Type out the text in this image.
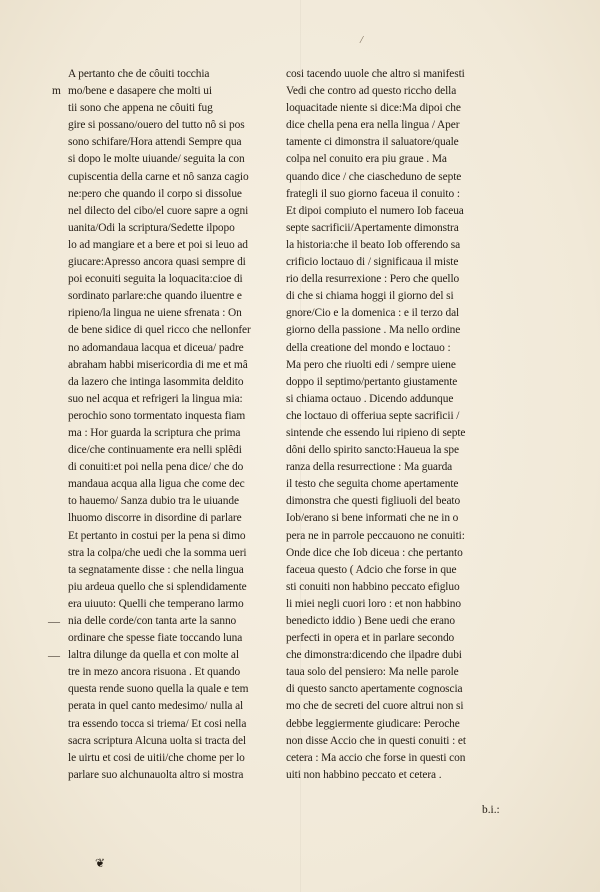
/
m
—
—
A pertanto che de côuiti tocchia
mo/bene e dasapere che molti ui
tii sono che appena ne côuiti fug
gire si possano/ouero del tutto nô si pos
sono schifare/Hora attendi Sempre qua
si dopo le molte uiuande/ seguita la con
cupiscentia della carne et nô sanza cagio
ne:pero che quando il corpo si dissolue
nel dilecto del cibo/el cuore sapre a ogni
uanita/Odi la scriptura/Sedette ilpopo
lo ad mangiare et a bere et poi si leuo ad
giucare:Apresso ancora quasi sempre di
poi econuiti seguita la loquacita:cioe di
sordinato parlare:che quando iluentre e
ripieno/la lingua ne uiene sfrenata : On
de bene sidice di quel ricco che nellonfer
no adomandaua lacqua et diceua/ padre
abraham habbi misericordia di me et mâ
da lazero che intinga lasommita deldito
suo nel acqua et refrigeri la lingua mia:
perochio sono tormentato inquesta fiam
ma : Hor guarda la scriptura che prima
dice/che continuamente era nelli splêdi
di conuiti:et poi nella pena dice/ che do
mandaua acqua alla ligua che come dec
to hauemo/ Sanza dubio tra le uiuande
lhuomo discorre in disordine di parlare
Et pertanto in costui per la pena si dimo
stra la colpa/che uedi che la somma ueri
ta segnatamente disse : che nella lingua
piu ardeua quello che si splendidamente
era uiuuto: Quelli che temperano larmo
nia delle corde/con tanta arte la sanno
ordinare che spesse fiate toccando luna
laltra dilunge da quella et con molte al
tre in mezo ancora risuona . Et quando
questa rende suono quella la quale e tem
perata in quel canto medesimo/ nulla al
tra essendo tocca si triema/ Et cosi nella
sacra scriptura Alcuna uolta si tracta del
le uirtu et cosi de uitii/che chome per lo
parlare suo alchunauolta altro si mostra
cosi tacendo uuole che altro si manifesti
Vedi che contro ad questo riccho della
loquacitade niente si dice:Ma dipoi che
dice chella pena era nella lingua / Aper
tamente ci dimonstra il saluatore/quale
colpa nel conuito era piu graue . Ma
quando dice / che ciascheduno de septe
frategli il suo giorno faceua il conuito :
Et dipoi compiuto el numero Iob faceua
septe sacrificii/Apertamente dimonstra
la historia:che il beato Iob offerendo sa
crificio loctauo di / significaua il miste
rio della resurrexione : Pero che quello
di che si chiama hoggi il giorno del si
gnore/Cio e la domenica : e il terzo dal
giorno della passione . Ma nello ordine
della creatione del mondo e loctauo :
Ma pero che riuolti edi / sempre uiene
doppo il septimo/pertanto giustamente
si chiama octauo . Dicendo addunque
che loctauo di offeriua septe sacrificii /
sintende che essendo lui ripieno di septe
dôni dello spirito sancto:Haueua la spe
ranza della resurrectione : Ma guarda
il testo che seguita chome apertamente
dimonstra che questi figliuoli del beato
Iob/erano si bene informati che ne in o
pera ne in parrole peccauono ne conuiti:
Onde dice che Iob diceua : che pertanto
faceua questo ( Adcio che forse in que
sti conuiti non habbino peccato efigluo
li miei negli cuori loro : et non habbino
benedicto iddio ) Bene uedi che erano
perfecti in opera et in parlare secondo
che dimonstra:dicendo che ilpadre dubi
taua solo del pensiero: Ma nelle parole
di questo sancto apertamente cognoscia
mo che de secreti del cuore altrui non si
debbe leggiermente giudicare: Peroche
non disse Accio che in questi conuiti : et
cetera : Ma accio che forse in questi con
uiti non habbino peccato et cetera .
b.i.:
❦
